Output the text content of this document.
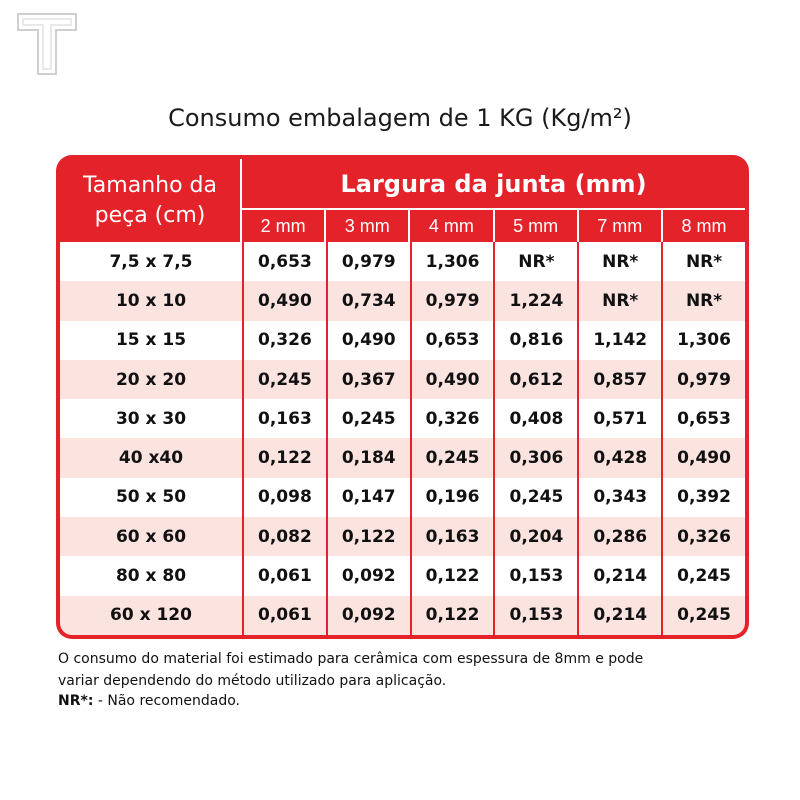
Consumo embalagem de 1 KG (Kg/m²)
Tamanho da
peça (cm)
Largura da junta (mm)
2 mm	3 mm	4 mm	5 mm	7 mm	8 mm
7,5 x 7,5	0,653	0,979	1,306	NR*	NR*	NR*
10 x 10	0,490	0,734	0,979	1,224	NR*	NR*
15 x 15	0,326	0,490	0,653	0,816	1,142	1,306
20 x 20	0,245	0,367	0,490	0,612	0,857	0,979
30 x 30	0,163	0,245	0,326	0,408	0,571	0,653
40 x40	0,122	0,184	0,245	0,306	0,428	0,490
50 x 50	0,098	0,147	0,196	0,245	0,343	0,392
60 x 60	0,082	0,122	0,163	0,204	0,286	0,326
80 x 80	0,061	0,092	0,122	0,153	0,214	0,245
60 x 120	0,061	0,092	0,122	0,153	0,214	0,245
O consumo do material foi estimado para cerâmica com espessura de 8mm e pode
variar dependendo do método utilizado para aplicação.
NR*: - Não recomendado.
